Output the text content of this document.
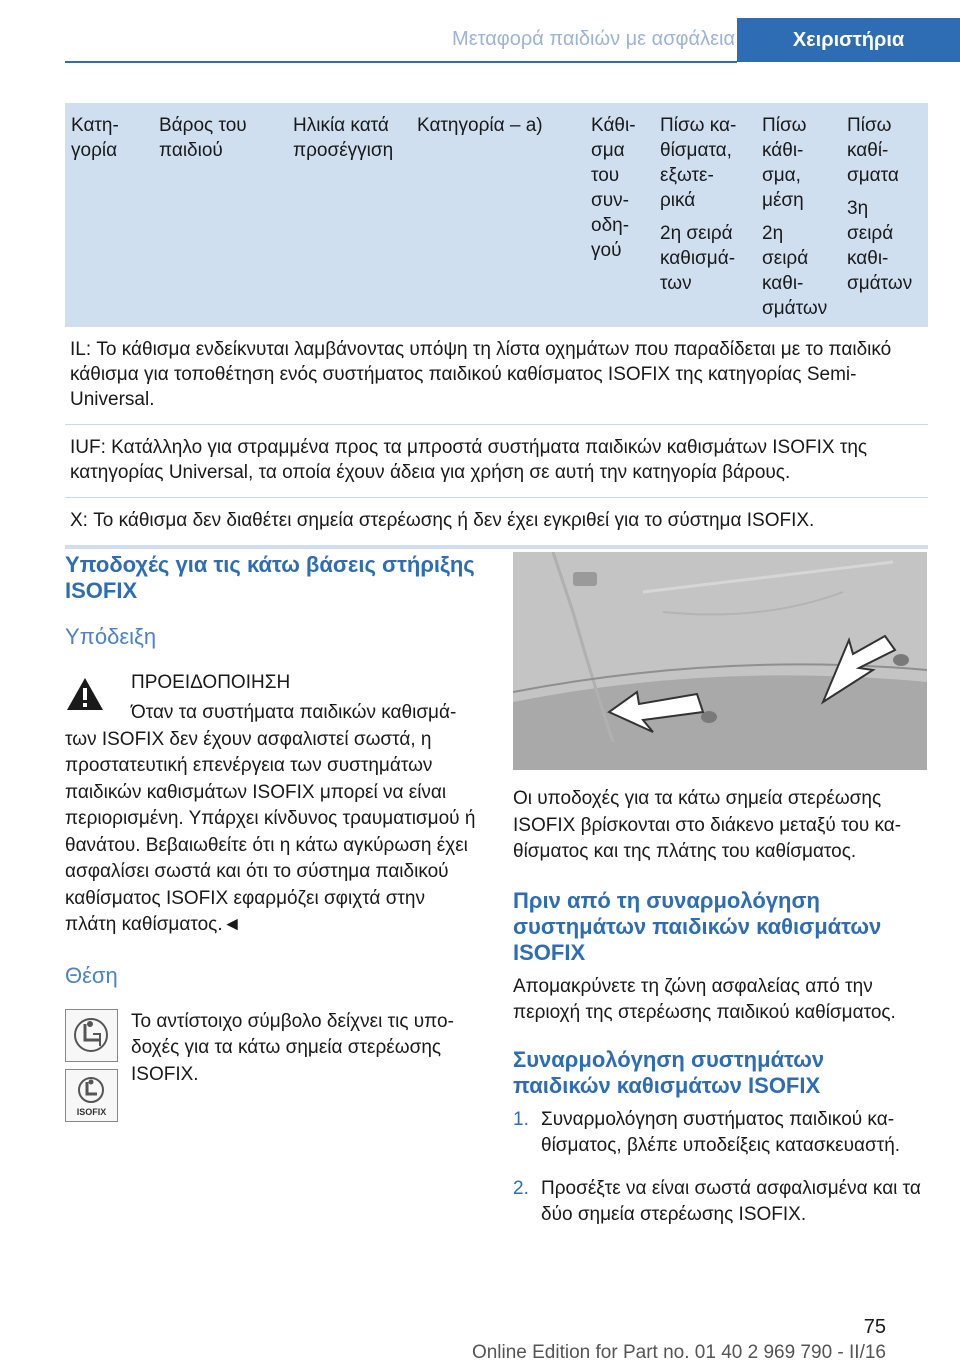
Μεταφορά παιδιών με ασφάλεια	Χειριστήρια
Κατη-
γορία
Βάρος του
παιδιού
Ηλικία κατά
προσέγγιση
Κατηγορία – a)	Κάθι-
σμα
του
συν-
οδη-
γού
Πίσω κα-
θίσματα,
εξωτε-
ρικά
2η σειρά
καθισμά-
των
Πίσω
κάθι-
σμα,
μέση
2η
σειρά
καθι-
σμάτων
Πίσω
καθί-
σματα
3η
σειρά
καθι-
σμάτων
IL: Το κάθισμα ενδείκνυται λαμβάνοντας υπόψη τη λίστα οχημάτων που παραδίδεται με το παιδικό κάθισμα για τοποθέτηση ενός συστήματος παιδικού καθίσματος ISOFIX της κατηγορίας Semi-Universal.
IUF: Κατάλληλο για στραμμένα προς τα μπροστά συστήματα παιδικών καθισμάτων ISOFIX της κατηγορίας Universal, τα οποία έχουν άδεια για χρήση σε αυτή την κατηγορία βάρους.
X: Το κάθισμα δεν διαθέτει σημεία στερέωσης ή δεν έχει εγκριθεί για το σύστημα ISOFIX.
Υποδοχές για τις κάτω βάσεις στήριξης ISOFIX
Υπόδειξη
ΠΡΟΕΙΔΟΠΟΙΗΣΗ
Όταν τα συστήματα παιδικών καθισμάτων ISOFIX δεν έχουν ασφαλιστεί σωστά, η προστατευτική επενέργεια των συστημάτων παιδικών καθισμάτων ISOFIX μπορεί να είναι περιορισμένη. Υπάρχει κίνδυνος τραυματισμού ή θανάτου. Βεβαιωθείτε ότι η κάτω αγκύρωση έχει ασφαλίσει σωστά και ότι το σύστημα παιδικού καθίσματος ISOFIX εφαρμόζει σφιχτά στην πλάτη καθίσματος.◄
Θέση
ISOFIX
Το αντίστοιχο σύμβολο δείχνει τις υποδοχές για τα κάτω σημεία στερέωσης ISOFIX.

Οι υποδοχές για τα κάτω σημεία στερέωσης ISOFIX βρίσκονται στο διάκενο μεταξύ του καθίσματος και της πλάτης του καθίσματος.

Πριν από τη συναρμολόγηση συστημάτων παιδικών καθισμάτων ISOFIX

Απομακρύνετε τη ζώνη ασφαλείας από την περιοχή της στερέωσης παιδικού καθίσματος.

Συναρμολόγηση συστημάτων παιδικών καθισμάτων ISOFIX
1. Συναρμολόγηση συστήματος παιδικού καθίσματος, βλέπε υποδείξεις κατασκευαστή.
2. Προσέξτε να είναι σωστά ασφαλισμένα και τα δύο σημεία στερέωσης ISOFIX.
75
Online Edition for Part no. 01 40 2 969 790 - II/16
